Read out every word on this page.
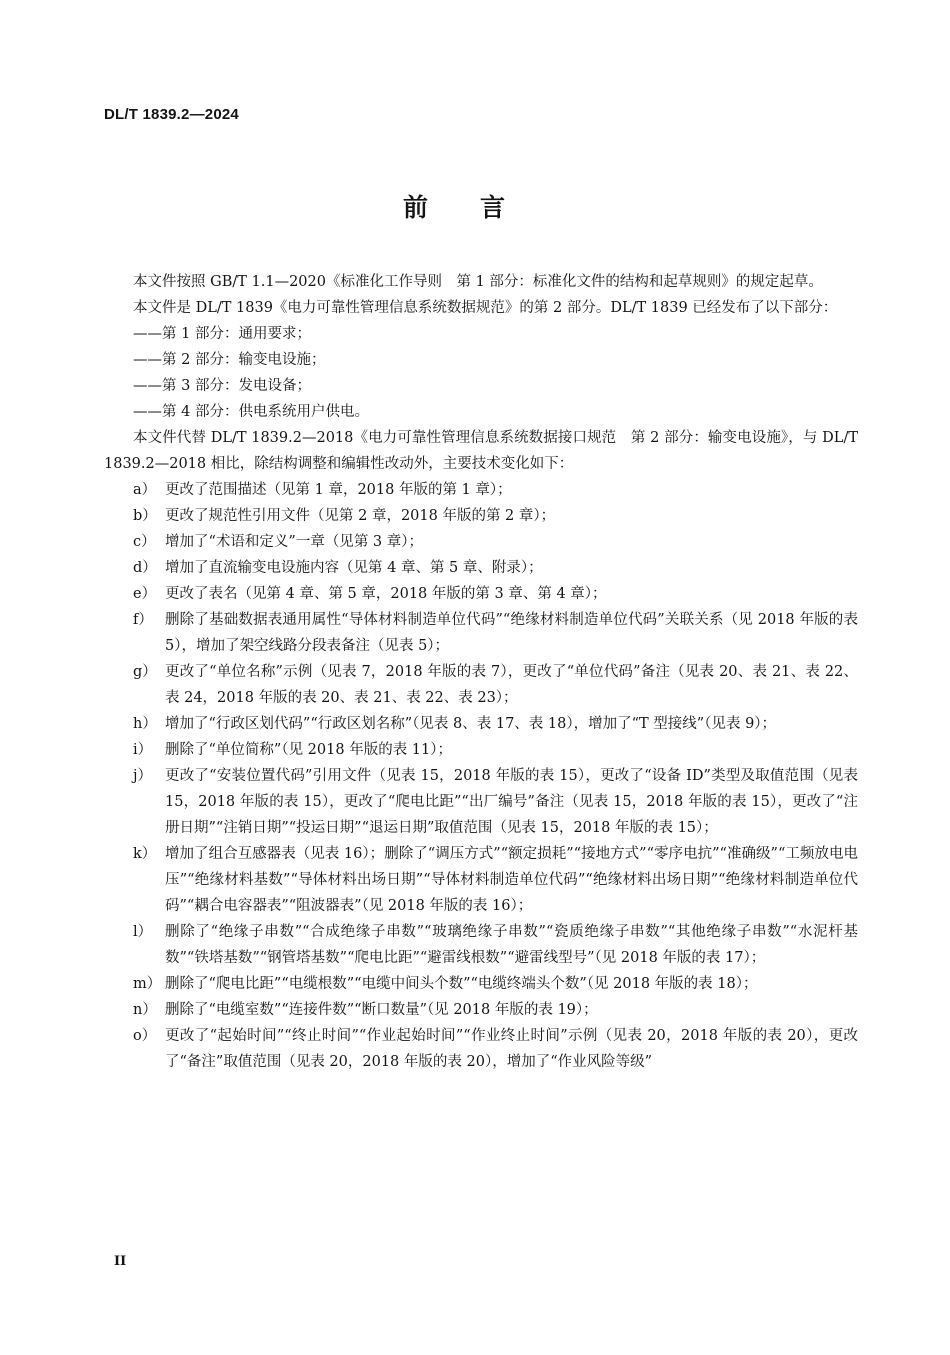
DL/T 1839.2—2024
前言

本文件按照 GB/T 1.1—2020《标准化工作导则　第 1 部分：标准化文件的结构和起草规则》的规定起草。

本文件是 DL/T 1839《电力可靠性管理信息系统数据规范》的第 2 部分。DL/T 1839 已经发布了以下部分：

——第 1 部分：通用要求；

——第 2 部分：输变电设施；

——第 3 部分：发电设备；

——第 4 部分：供电系统用户供电。

本文件代替 DL/T 1839.2—2018《电力可靠性管理信息系统数据接口规范　第 2 部分：输变电设施》，与 DL/T 1839.2—2018 相比，除结构调整和编辑性改动外，主要技术变化如下：

a） 更改了范围描述（见第 1 章，2018 年版的第 1 章）；
b） 更改了规范性引用文件（见第 2 章，2018 年版的第 2 章）；
c） 增加了“术语和定义”一章（见第 3 章）；
d） 增加了直流输变电设施内容（见第 4 章、第 5 章、附录）；
e） 更改了表名（见第 4 章、第 5 章，2018 年版的第 3 章、第 4 章）；
f） 删除了基础数据表通用属性“导体材料制造单位代码”“绝缘材料制造单位代码”关联关系（见 2018 年版的表 5），增加了架空线路分段表备注（见表 5）；
g） 更改了“单位名称”示例（见表 7，2018 年版的表 7），更改了“单位代码”备注（见表 20、表 21、表 22、表 24，2018 年版的表 20、表 21、表 22、表 23）；
h） 增加了“行政区划代码”“行政区划名称”（见表 8、表 17、表 18），增加了“T 型接线”（见表 9）；
i） 删除了“单位简称”（见 2018 年版的表 11）；
j） 更改了“安装位置代码”引用文件（见表 15，2018 年版的表 15），更改了“设备 ID”类型及取值范围（见表 15，2018 年版的表 15），更改了“爬电比距”“出厂编号”备注（见表 15，2018 年版的表 15），更改了“注册日期”“注销日期”“投运日期”“退运日期”取值范围（见表 15，2018 年版的表 15）；
k） 增加了组合互感器表（见表 16）；删除了“调压方式”“额定损耗”“接地方式”“零序电抗”“准确级”“工频放电电压”“绝缘材料基数”“导体材料出场日期”“导体材料制造单位代码”“绝缘材料出场日期”“绝缘材料制造单位代码”“耦合电容器表”“阻波器表”（见 2018 年版的表 16）；
l） 删除了“绝缘子串数”“合成绝缘子串数”“玻璃绝缘子串数”“瓷质绝缘子串数”“其他绝缘子串数”“水泥杆基数”“铁塔基数”“钢管塔基数”“爬电比距”“避雷线根数”“避雷线型号”（见 2018 年版的表 17）；
m） 删除了“爬电比距”“电缆根数”“电缆中间头个数”“电缆终端头个数”（见 2018 年版的表 18）；
n） 删除了“电缆室数”“连接件数”“断口数量”（见 2018 年版的表 19）；
o） 更改了“起始时间”“终止时间”“作业起始时间”“作业终止时间”示例（见表 20，2018 年版的表 20），更改了“备注”取值范围（见表 20，2018 年版的表 20），增加了“作业风险等级”
II
